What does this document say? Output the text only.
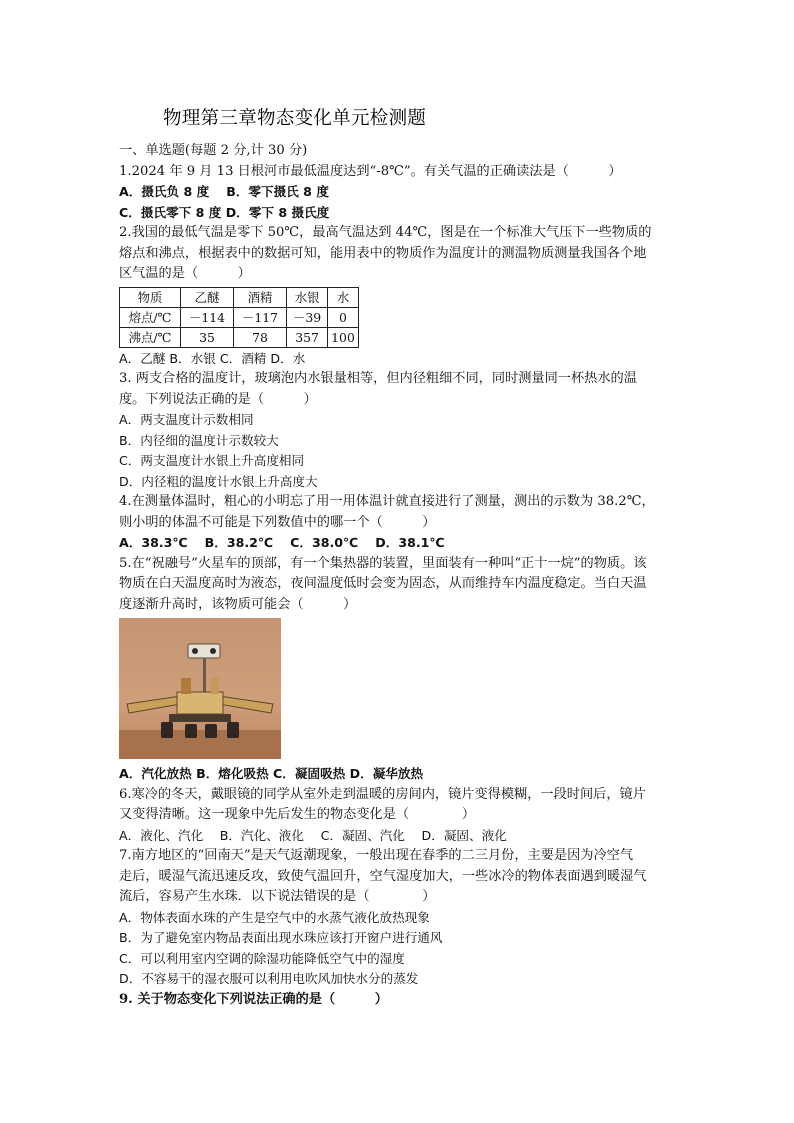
物理第三章物态变化单元检测题
一、单选题(每题 2 分,计 30 分)
1.2024 年 9 月 13 日根河市最低温度达到“-8℃”。有关气温的正确读法是（　　　）
A．摄氏负 8 度　 B．零下摄氏 8 度
C．摄氏零下 8 度 D．零下 8 摄氏度
2.我国的最低气温是零下 50℃，最高气温达到 44℃，图是在一个标准大气压下一些物质的
熔点和沸点，根据表中的数据可知，能用表中的物质作为温度计的测温物质测量我国各个地
区气温的是（　　　）
物质	乙醚	酒精	水银	水
熔点/℃	－114	－117	－39	0
沸点/℃	35	78	357	100
A．乙醚 B．水银 C．酒精 D．水
3. 两支合格的温度计，玻璃泡内水银量相等，但内径粗细不同，同时测量同一杯热水的温
度。下列说法正确的是（　　　）
A．两支温度计示数相同
B．内径细的温度计示数较大
C．两支温度计水银上升高度相同
D．内径粗的温度计水银上升高度大
4.在测量体温时，粗心的小明忘了用一用体温计就直接进行了测量，测出的示数为 38.2℃，
则小明的体温不可能是下列数值中的哪一个（　　　）
A．38.3℃　 B．38.2℃　 C．38.0℃　 D．38.1℃
5.在“祝融号”火星车的顶部，有一个集热器的装置，里面装有一种叫“正十一烷”的物质。该
物质在白天温度高时为液态，夜间温度低时会变为固态，从而维持车内温度稳定。当白天温
度逐渐升高时，该物质可能会（　　　）
A．汽化放热 B．熔化吸热 C．凝固吸热 D．凝华放热
6.寒冷的冬天，戴眼镜的同学从室外走到温暖的房间内，镜片变得模糊，一段时间后，镜片
又变得清晰。这一现象中先后发生的物态变化是（　　　　）
A．液化、汽化　 B．汽化、液化　 C．凝固、汽化　 D．凝固、液化
7.南方地区的“回南天”是天气返潮现象，一般出现在春季的二三月份，主要是因为冷空气
走后，暖湿气流迅速反攻，致使气温回升，空气湿度加大，一些冰冷的物体表面遇到暖湿气
流后，容易产生水珠．以下说法错误的是（　　　　）
A．物体表面水珠的产生是空气中的水蒸气液化放热现象
B．为了避免室内物品表面出现水珠应该打开窗户进行通风
C．可以利用室内空调的除湿功能降低空气中的湿度
D．不容易干的湿衣服可以利用电吹风加快水分的蒸发
9. 关于物态变化下列说法正确的是（　　　）
